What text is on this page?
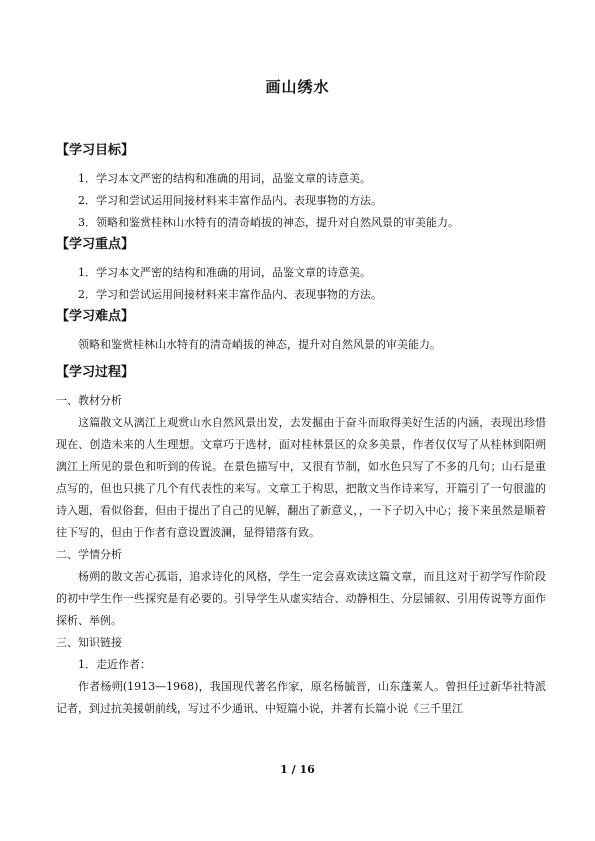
画山绣水

【学习目标】

1．学习本文严密的结构和准确的用词，品鉴文章的诗意美。

2．学习和尝试运用间接材料来丰富作品内、表现事物的方法。

3．领略和鉴赏桂林山水特有的清奇峭拔的神态，提升对自然风景的审美能力。

【学习重点】

1．学习本文严密的结构和准确的用词，品鉴文章的诗意美。

2．学习和尝试运用间接材料来丰富作品内、表现事物的方法。

【学习难点】

领略和鉴赏桂林山水特有的清奇峭拔的神态，提升对自然风景的审美能力。

【学习过程】

一、教材分析

这篇散文从漓江上观赏山水自然风景出发，去发掘由于奋斗而取得美好生活的内涵，表现出珍惜现在、创造未来的人生理想。文章巧于选材，面对桂林景区的众多美景，作者仅仅写了从桂林到阳朔漓江上所见的景色和听到的传说。在景色描写中，又很有节制，如水色只写了不多的几句；山石是重点写的，但也只挑了几个有代表性的来写。文章工于构思，把散文当作诗来写，开篇引了一句很滥的诗入题，看似俗套，但由于提出了自己的见解，翻出了新意义，，一下子切入中心；接下来虽然是顺着往下写的，但由于作者有意设置波澜，显得错落有致。

二、学情分析

杨朔的散文苦心孤诣，追求诗化的风格，学生一定会喜欢读这篇文章，而且这对于初学写作阶段的初中学生作一些探究是有必要的。引导学生从虚实结合、动静相生、分层铺叙、引用传说等方面作探析、举例。

三、知识链接

1．走近作者：

作者杨朔(1913—1968)，我国现代著名作家，原名杨毓晋，山东蓬莱人。曾担任过新华社特派记者，到过抗美援朝前线，写过不少通讯、中短篇小说，并著有长篇小说《三千里江

1 / 16
